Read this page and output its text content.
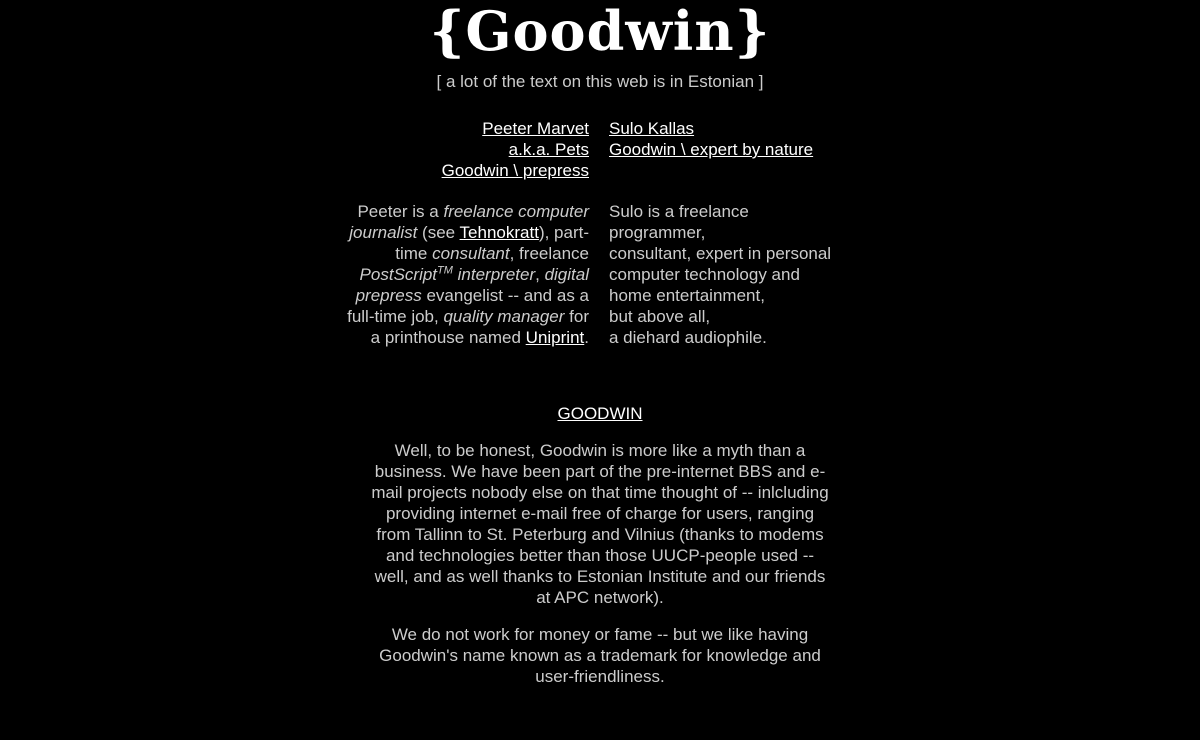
{Goodwin}
[ a lot of the text on this web is in Estonian ]
Peeter Marvet
a.k.a. Pets
Goodwin \ prepress

Peeter is a freelance computer journalist (see Tehnokratt), part-time consultant, freelance PostScript™ interpreter, digital prepress evangelist -- and as a full-time job, quality manager for a printhouse named Uniprint.

Sulo Kallas
Goodwin \ expert by nature

Sulo is a freelance
programmer,
consultant, expert in personal
computer technology and
home entertainment,
but above all,
a diehard audiophile.

GOODWIN

Well, to be honest, Goodwin is more like a myth than a business. We have been part of the pre-internet BBS and e-mail projects nobody else on that time thought of -- inlcluding providing internet e-mail free of charge for users, ranging from Tallinn to St. Peterburg and Vilnius (thanks to modems and technologies better than those UUCP-people used -- well, and as well thanks to Estonian Institute and our friends at APC network).

We do not work for money or fame -- but we like having Goodwin's name known as a trademark for knowledge and user-friendliness.
